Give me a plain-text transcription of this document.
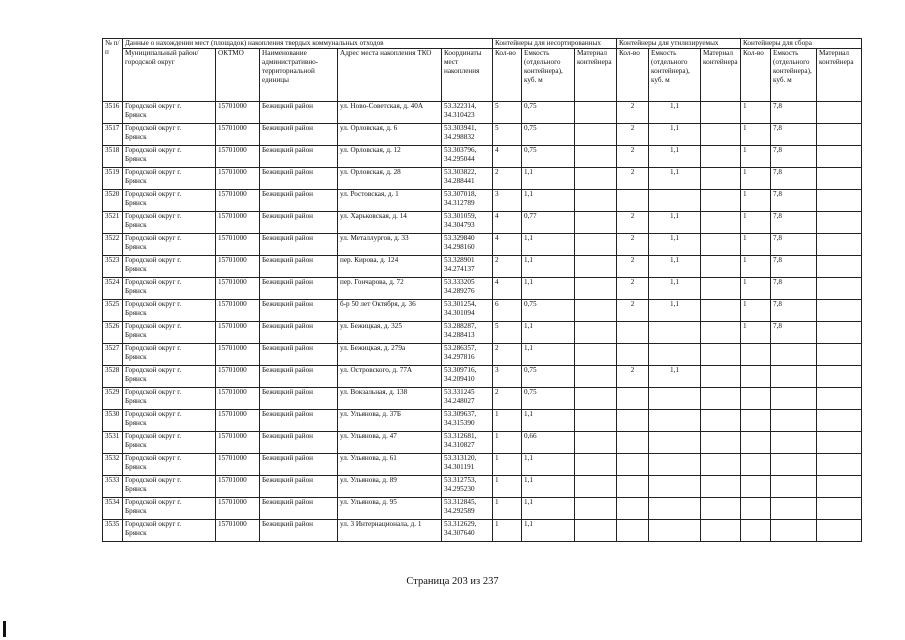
№ п/п	Данные о нахождении мест (площадок) накопления твердых коммунальных отходов					Контейнеры для несортированных			Контейнеры для утилизируемых			Контейнеры для сбора		
	Муниципальный район/городской округ	ОКТМО	Наименование административно-территориальной единицы	Адрес места накопления ТКО	Координаты мест накопления	Кол-во	Емкость (отдельного контейнера), куб. м	Материал контейнера	Кол-во	Емкость (отдельного контейнера), куб. м	Материал контейнера	Кол-во	Емкость (отдельного контейнера), куб. м	Материал контейнера
3516	Городской округ г.
Брянск	15701000	Бежицкий район	ул. Ново-Советская, д. 40А	53.322314,
34.310423	5	0,75		2	1,1		1	7,8	
3517	Городской округ г.
Брянск	15701000	Бежицкий район	ул. Орловская, д. 6	53.303941,
34.298832	5	0,75		2	1,1		1	7,8	
3518	Городской округ г.
Брянск	15701000	Бежицкий район	ул. Орловская, д. 12	53.303796,
34.295044	4	0,75		2	1,1		1	7,8	
3519	Городской округ г.
Брянск	15701000	Бежицкий район	ул. Орловская, д. 28	53.303822,
34.288441	2	1,1		2	1,1		1	7,8	
3520	Городской округ г.
Брянск	15701000	Бежицкий район	ул. Ростовская, д. 1	53.307018,
34.312789	3	1,1					1	7,8	
3521	Городской округ г.
Брянск	15701000	Бежицкий район	ул. Харьковская, д. 14	53.301059,
34.304793	4	0,77		2	1,1		1	7,8	
3522	Городской округ г.
Брянск	15701000	Бежицкий район	ул. Металлургов, д. 33	53.329840
34.298160	4	1,1		2	1,1		1	7,8	
3523	Городской округ г.
Брянск	15701000	Бежицкий район	пер. Кирова, д. 124	53.328901
34.274137	2	1,1		2	1,1		1	7,8	
3524	Городской округ г.
Брянск	15701000	Бежицкий район	пер. Гончарова, д. 72	53.333205
34.289276	4	1,1		2	1,1		1	7,8	
3525	Городской округ г.
Брянск	15701000	Бежицкий район	б-р 50 лет Октября, д. 36	53.301254,
34.301094	6	0,75		2	1,1		1	7,8	
3526	Городской округ г.
Брянск	15701000	Бежицкий район	ул. Бежицкая, д. 325	53.288287,
34.288413	5	1,1					1	7,8	
3527	Городской округ г.
Брянск	15701000	Бежицкий район	ул. Бежицкая, д. 279а	53.286357,
34.297816	2	1,1							
3528	Городской округ г.
Брянск	15701000	Бежицкий район	ул. Островского, д. 77А	53.309716,
34.209410	3	0,75		2	1,1				
3529	Городской округ г.
Брянск	15701000	Бежицкий район	ул. Вокзальная, д. 138	53.331245
34.248027	2	0,75							
3530	Городской округ г.
Брянск	15701000	Бежицкий район	ул. Ульянова, д. 37Б	53.309637,
34.315390	1	1,1							
3531	Городской округ г.
Брянск	15701000	Бежицкий район	ул. Ульянова, д. 47	53.312681,
34.310827	1	0,66							
3532	Городской округ г.
Брянск	15701000	Бежицкий район	ул. Ульянова, д. 61	53.313120,
34.301191	1	1,1							
3533	Городской округ г.
Брянск	15701000	Бежицкий район	ул. Ульянова, д. 89	53.312753,
34.295230	1	1,1							
3534	Городской округ г.
Брянск	15701000	Бежицкий район	ул. Ульянова, д. 95	53.312845,
34.292589	1	1,1							
3535	Городской округ г.
Брянск	15701000	Бежицкий район	ул. 3 Интернационала, д. 1	53.312629,
34.307640	1	1,1							
Страница 203 из 237
